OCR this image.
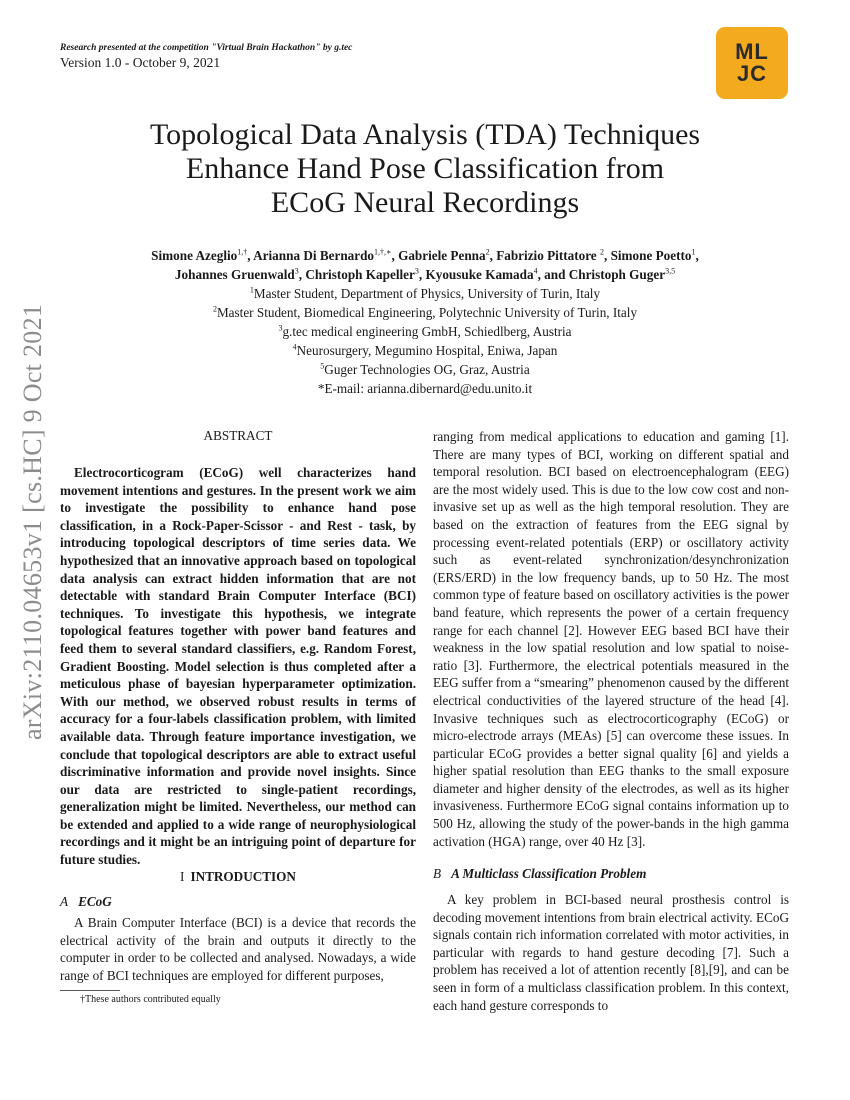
Research presented at the competition "Virtual Brain Hackathon" by g.tec
Version 1.0 - October 9, 2021	ML
JC
arXiv:2110.04653v1 [cs.HC] 9 Oct 2021
Topological Data Analysis (TDA) Techniques
Enhance Hand Pose Classification from
ECoG Neural Recordings
Simone Azeglio$^{1,\dagger}$, Arianna Di Bernardo$^{1,\dagger,∗}$, Gabriele Penna$^2$, Fabrizio Pittatore $^2$, Simone Poetto$^1$,
Johannes Gruenwald$^3$, Christoph Kapeller$^3$, Kyousuke Kamada$^4$, and Christoph Guger$^{3,5}$
$^1$Master Student, Department of Physics, University of Turin, Italy
$^2$Master Student, Biomedical Engineering, Polytechnic University of Turin, Italy
$^3$g.tec medical engineering GmbH, Schiedlberg, Austria
$^4$Neurosurgery, Megumino Hospital, Eniwa, Japan
$^5$Guger Technologies OG, Graz, Austria
*E-mail: arianna.dibernard@edu.unito.it
ABSTRACT

Electrocorticogram (ECoG) well characterizes hand movement intentions and gestures. In the present work we aim to investigate the possibility to enhance hand pose classification, in a Rock-Paper-Scissor - and Rest - task, by introducing topological descriptors of time series data. We hypothesized that an innovative approach based on topological data analysis can extract hidden information that are not detectable with standard Brain Computer Interface (BCI) techniques. To investigate this hypothesis, we integrate topological features together with power band features and feed them to several standard classifiers, e.g. Random Forest, Gradient Boosting. Model selection is thus completed after a meticulous phase of bayesian hyperparameter optimization. With our method, we observed robust results in terms of accuracy for a four-labels classification problem, with limited available data. Through feature importance investigation, we conclude that topological descriptors are able to extract useful discriminative information and provide novel insights. Since our data are restricted to single-patient recordings, generalization might be limited. Nevertheless, our method can be extended and applied to a wide range of neurophysiological recordings and it might be an intriguing point of departure for future studies.

I INTRODUCTION
A ECoG

A Brain Computer Interface (BCI) is a device that records the electrical activity of the brain and outputs it directly to the computer in order to be collected and analysed. Nowadays, a wide range of BCI techniques are employed for different purposes,

†These authors contributed equally

ranging from medical applications to education and gaming [1]. There are many types of BCI, working on different spatial and temporal resolution. BCI based on electroencephalogram (EEG) are the most widely used. This is due to the low cow cost and non-invasive set up as well as the high temporal resolution. They are based on the extraction of features from the EEG signal by processing event-related potentials (ERP) or oscillatory activity such as event-related synchronization/desynchronization (ERS/ERD) in the low frequency bands, up to 50 Hz. The most common type of feature based on oscillatory activities is the power band feature, which represents the power of a certain frequency range for each channel [2]. However EEG based BCI have their weakness in the low spatial resolution and low spatial to noise-ratio [3]. Furthermore, the electrical potentials measured in the EEG suffer from a “smearing” phenomenon caused by the different electrical conductivities of the layered structure of the head [4]. Invasive techniques such as electrocorticography (ECoG) or micro-electrode arrays (MEAs) [5] can overcome these issues. In particular ECoG provides a better signal quality [6] and yields a higher spatial resolution than EEG thanks to the small exposure diameter and higher density of the electrodes, as well as its higher invasiveness. Furthermore ECoG signal contains information up to 500 Hz, allowing the study of the power-bands in the high gamma activation (HGA) range, over 40 Hz [3].

B A Multiclass Classification Problem

A key problem in BCI-based neural prosthesis control is decoding movement intentions from brain electrical activity. ECoG signals contain rich information correlated with motor activities, in particular with regards to hand gesture decoding [7]. Such a problem has received a lot of attention recently [8],[9], and can be seen in form of a multiclass classification problem. In this context, each hand gesture corresponds to
